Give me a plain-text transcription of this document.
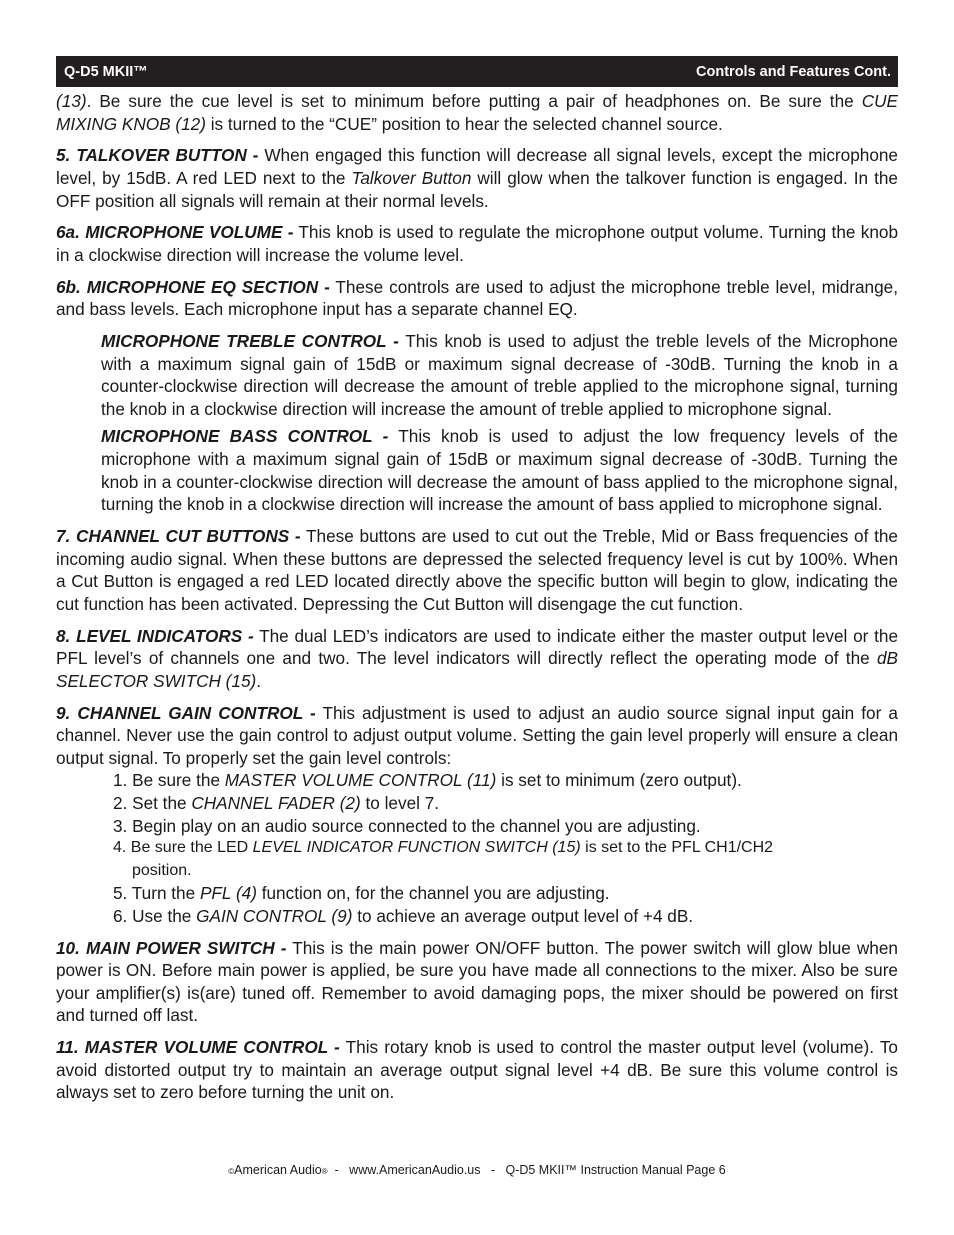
Q-D5 MKII™	Controls and Features Cont.

(13). Be sure the cue level is set to minimum before putting a pair of headphones on. Be sure the CUE MIXING KNOB (12) is turned to the “CUE” position to hear the selected channel source.

5. TALKOVER BUTTON - When engaged this function will decrease all signal levels, except the microphone level, by 15dB. A red LED next to the Talkover Button will glow when the talkover function is engaged. In the OFF position all signals will remain at their normal levels.

6a. MICROPHONE VOLUME - This knob is used to regulate the microphone output volume. Turning the knob in a clockwise direction will increase the volume level.

6b. MICROPHONE EQ SECTION - These controls are used to adjust the microphone treble level, midrange, and bass levels. Each microphone input has a separate channel EQ.

MICROPHONE TREBLE CONTROL - This knob is used to adjust the treble levels of the Microphone with a maximum signal gain of 15dB or maximum signal decrease of -30dB. Turning the knob in a counter-clockwise direction will decrease the amount of treble applied to the microphone signal, turning the knob in a clockwise direction will increase the amount of treble applied to microphone signal.

MICROPHONE BASS CONTROL - This knob is used to adjust the low frequency levels of the microphone with a maximum signal gain of 15dB or maximum signal decrease of -30dB. Turning the knob in a counter-clockwise direction will decrease the amount of bass applied to the microphone signal, turning the knob in a clockwise direction will increase the amount of bass applied to microphone signal.

7. CHANNEL CUT BUTTONS - These buttons are used to cut out the Treble, Mid or Bass frequencies of the incoming audio signal. When these buttons are depressed the selected frequency level is cut by 100%. When a Cut Button is engaged a red LED located directly above the specific button will begin to glow, indicating the cut function has been activated. Depressing the Cut Button will disengage the cut function.

8. LEVEL INDICATORS - The dual LED’s indicators are used to indicate either the master output level or the PFL level’s of channels one and two. The level indicators will directly reflect the operating mode of the dB SELECTOR SWITCH (15).

9. CHANNEL GAIN CONTROL - This adjustment is used to adjust an audio source signal input gain for a channel. Never use the gain control to adjust output volume. Setting the gain level properly will ensure a clean output signal. To properly set the gain level controls:

1. Be sure the MASTER VOLUME CONTROL (11) is set to minimum (zero output).
2. Set the CHANNEL FADER (2) to level 7.
3. Begin play on an audio source connected to the channel you are adjusting.
4. Be sure the LED LEVEL INDICATOR FUNCTION SWITCH (15) is set to the PFL CH1/CH2
position.
5. Turn the PFL (4) function on, for the channel you are adjusting.
6. Use the GAIN CONTROL (9) to achieve an average output level of +4 dB.

10. MAIN POWER SWITCH - This is the main power ON/OFF button. The power switch will glow blue when power is ON. Before main power is applied, be sure you have made all connections to the mixer. Also be sure your amplifier(s) is(are) tuned off. Remember to avoid damaging pops, the mixer should be powered on first and turned off last.

11. MASTER VOLUME CONTROL - This rotary knob is used to control the master output level (volume). To avoid distorted output try to maintain an average output signal level +4 dB. Be sure this volume control is always set to zero before turning the unit on.

©American Audio®  -   www.AmericanAudio.us   -   Q-D5 MKII™ Instruction Manual Page 6
